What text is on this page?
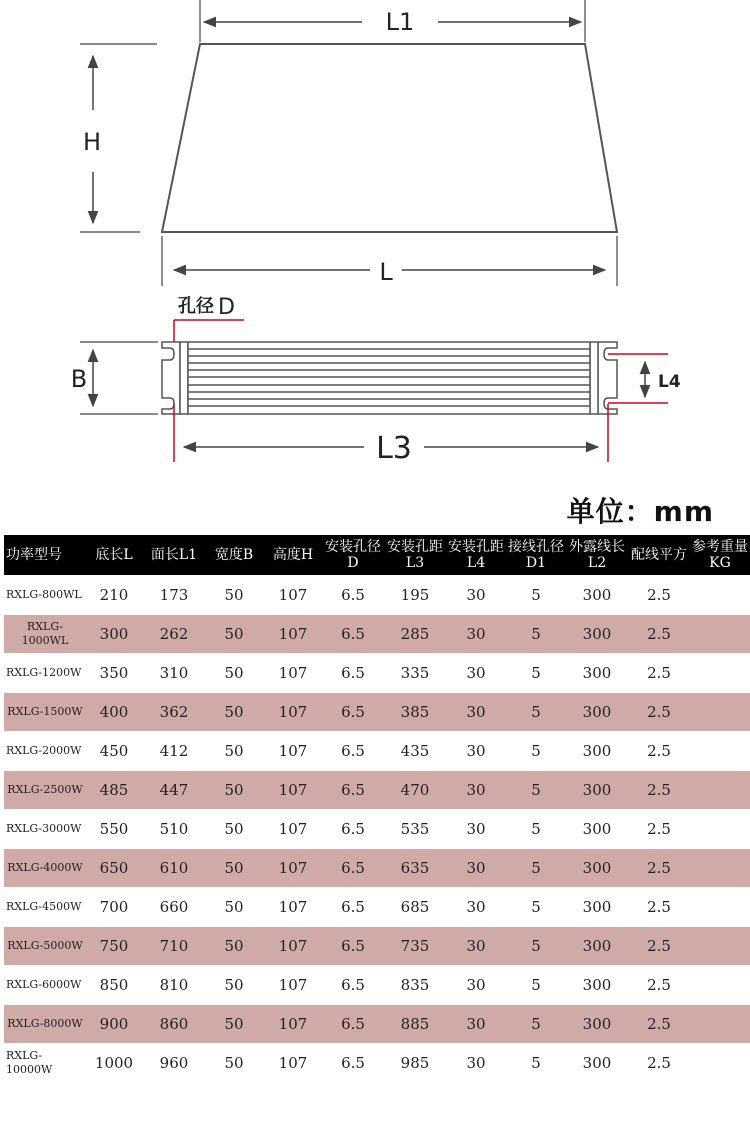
L1
H
L
孔径 D
B	L4
L3
单位：mm
功率型号	底长L	面长L1	宽度B	高度H	安装孔径D	安装孔距L3	安装孔距L4	接线孔径D1	外露线长L2	配线平方	参考重量KG
RXLG-800WL	210	173	50	107	6.5	195	30	5	300	2.5	
RXLG-1000WL	300	262	50	107	6.5	285	30	5	300	2.5	
RXLG-1200W	350	310	50	107	6.5	335	30	5	300	2.5	
RXLG-1500W	400	362	50	107	6.5	385	30	5	300	2.5	
RXLG-2000W	450	412	50	107	6.5	435	30	5	300	2.5	
RXLG-2500W	485	447	50	107	6.5	470	30	5	300	2.5	
RXLG-3000W	550	510	50	107	6.5	535	30	5	300	2.5	
RXLG-4000W	650	610	50	107	6.5	635	30	5	300	2.5	
RXLG-4500W	700	660	50	107	6.5	685	30	5	300	2.5	
RXLG-5000W	750	710	50	107	6.5	735	30	5	300	2.5	
RXLG-6000W	850	810	50	107	6.5	835	30	5	300	2.5	
RXLG-8000W	900	860	50	107	6.5	885	30	5	300	2.5	
RXLG-10000W	1000	960	50	107	6.5	985	30	5	300	2.5	
